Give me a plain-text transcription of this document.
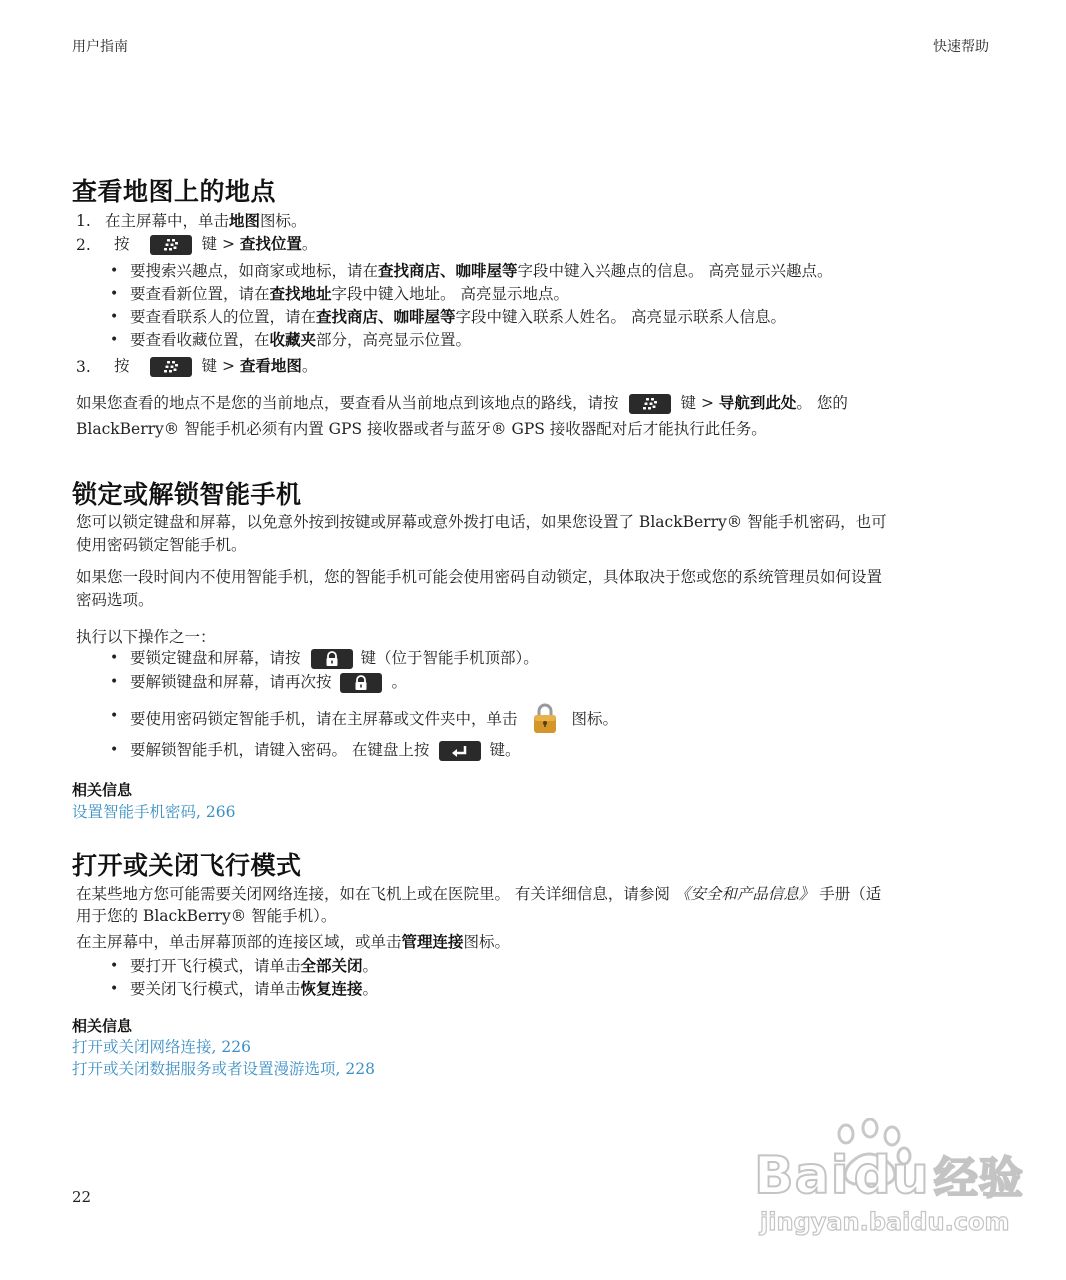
用户指南	快速帮助
查看地图上的地点
1. 在主屏幕中，单击地图图标。
2. 按	键 > 查找位置。
• 要搜索兴趣点，如商家或地标，请在查找商店、咖啡屋等字段中键入兴趣点的信息。 高亮显示兴趣点。
• 要查看新位置，请在查找地址字段中键入地址。 高亮显示地点。
• 要查看联系人的位置，请在查找商店、咖啡屋等字段中键入联系人姓名。 高亮显示联系人信息。
• 要查看收藏位置，在收藏夹部分，高亮显示位置。
3. 按	键 > 查看地图。
如果您查看的地点不是您的当前地点，要查看从当前地点到该地点的路线，请按	键 > 导航到此处。 您的
BlackBerry® 智能手机必须有内置 GPS 接收器或者与蓝牙® GPS 接收器配对后才能执行此任务。
锁定或解锁智能手机
您可以锁定键盘和屏幕，以免意外按到按键或屏幕或意外拨打电话，如果您设置了 BlackBerry® 智能手机密码，也可
使用密码锁定智能手机。
如果您一段时间内不使用智能手机，您的智能手机可能会使用密码自动锁定，具体取决于您或您的系统管理员如何设置
密码选项。
执行以下操作之一：
• 要锁定键盘和屏幕，请按	键（位于智能手机顶部）。
• 要解锁键盘和屏幕，请再次按	。
• 要使用密码锁定智能手机，请在主屏幕或文件夹中，单击	图标。
• 要解锁智能手机，请键入密码。 在键盘上按	键。
相关信息
设置智能手机密码, 266
打开或关闭飞行模式
在某些地方您可能需要关闭网络连接，如在飞机上或在医院里。 有关详细信息，请参阅 《安全和产品信息》 手册（适
用于您的 BlackBerry® 智能手机）。
在主屏幕中，单击屏幕顶部的连接区域，或单击管理连接图标。
• 要打开飞行模式，请单击全部关闭。
• 要关闭飞行模式，请单击恢复连接。
相关信息
打开或关闭网络连接, 226
打开或关闭数据服务或者设置漫游选项, 228
22	Baidu经验
jingyan.baidu.com
